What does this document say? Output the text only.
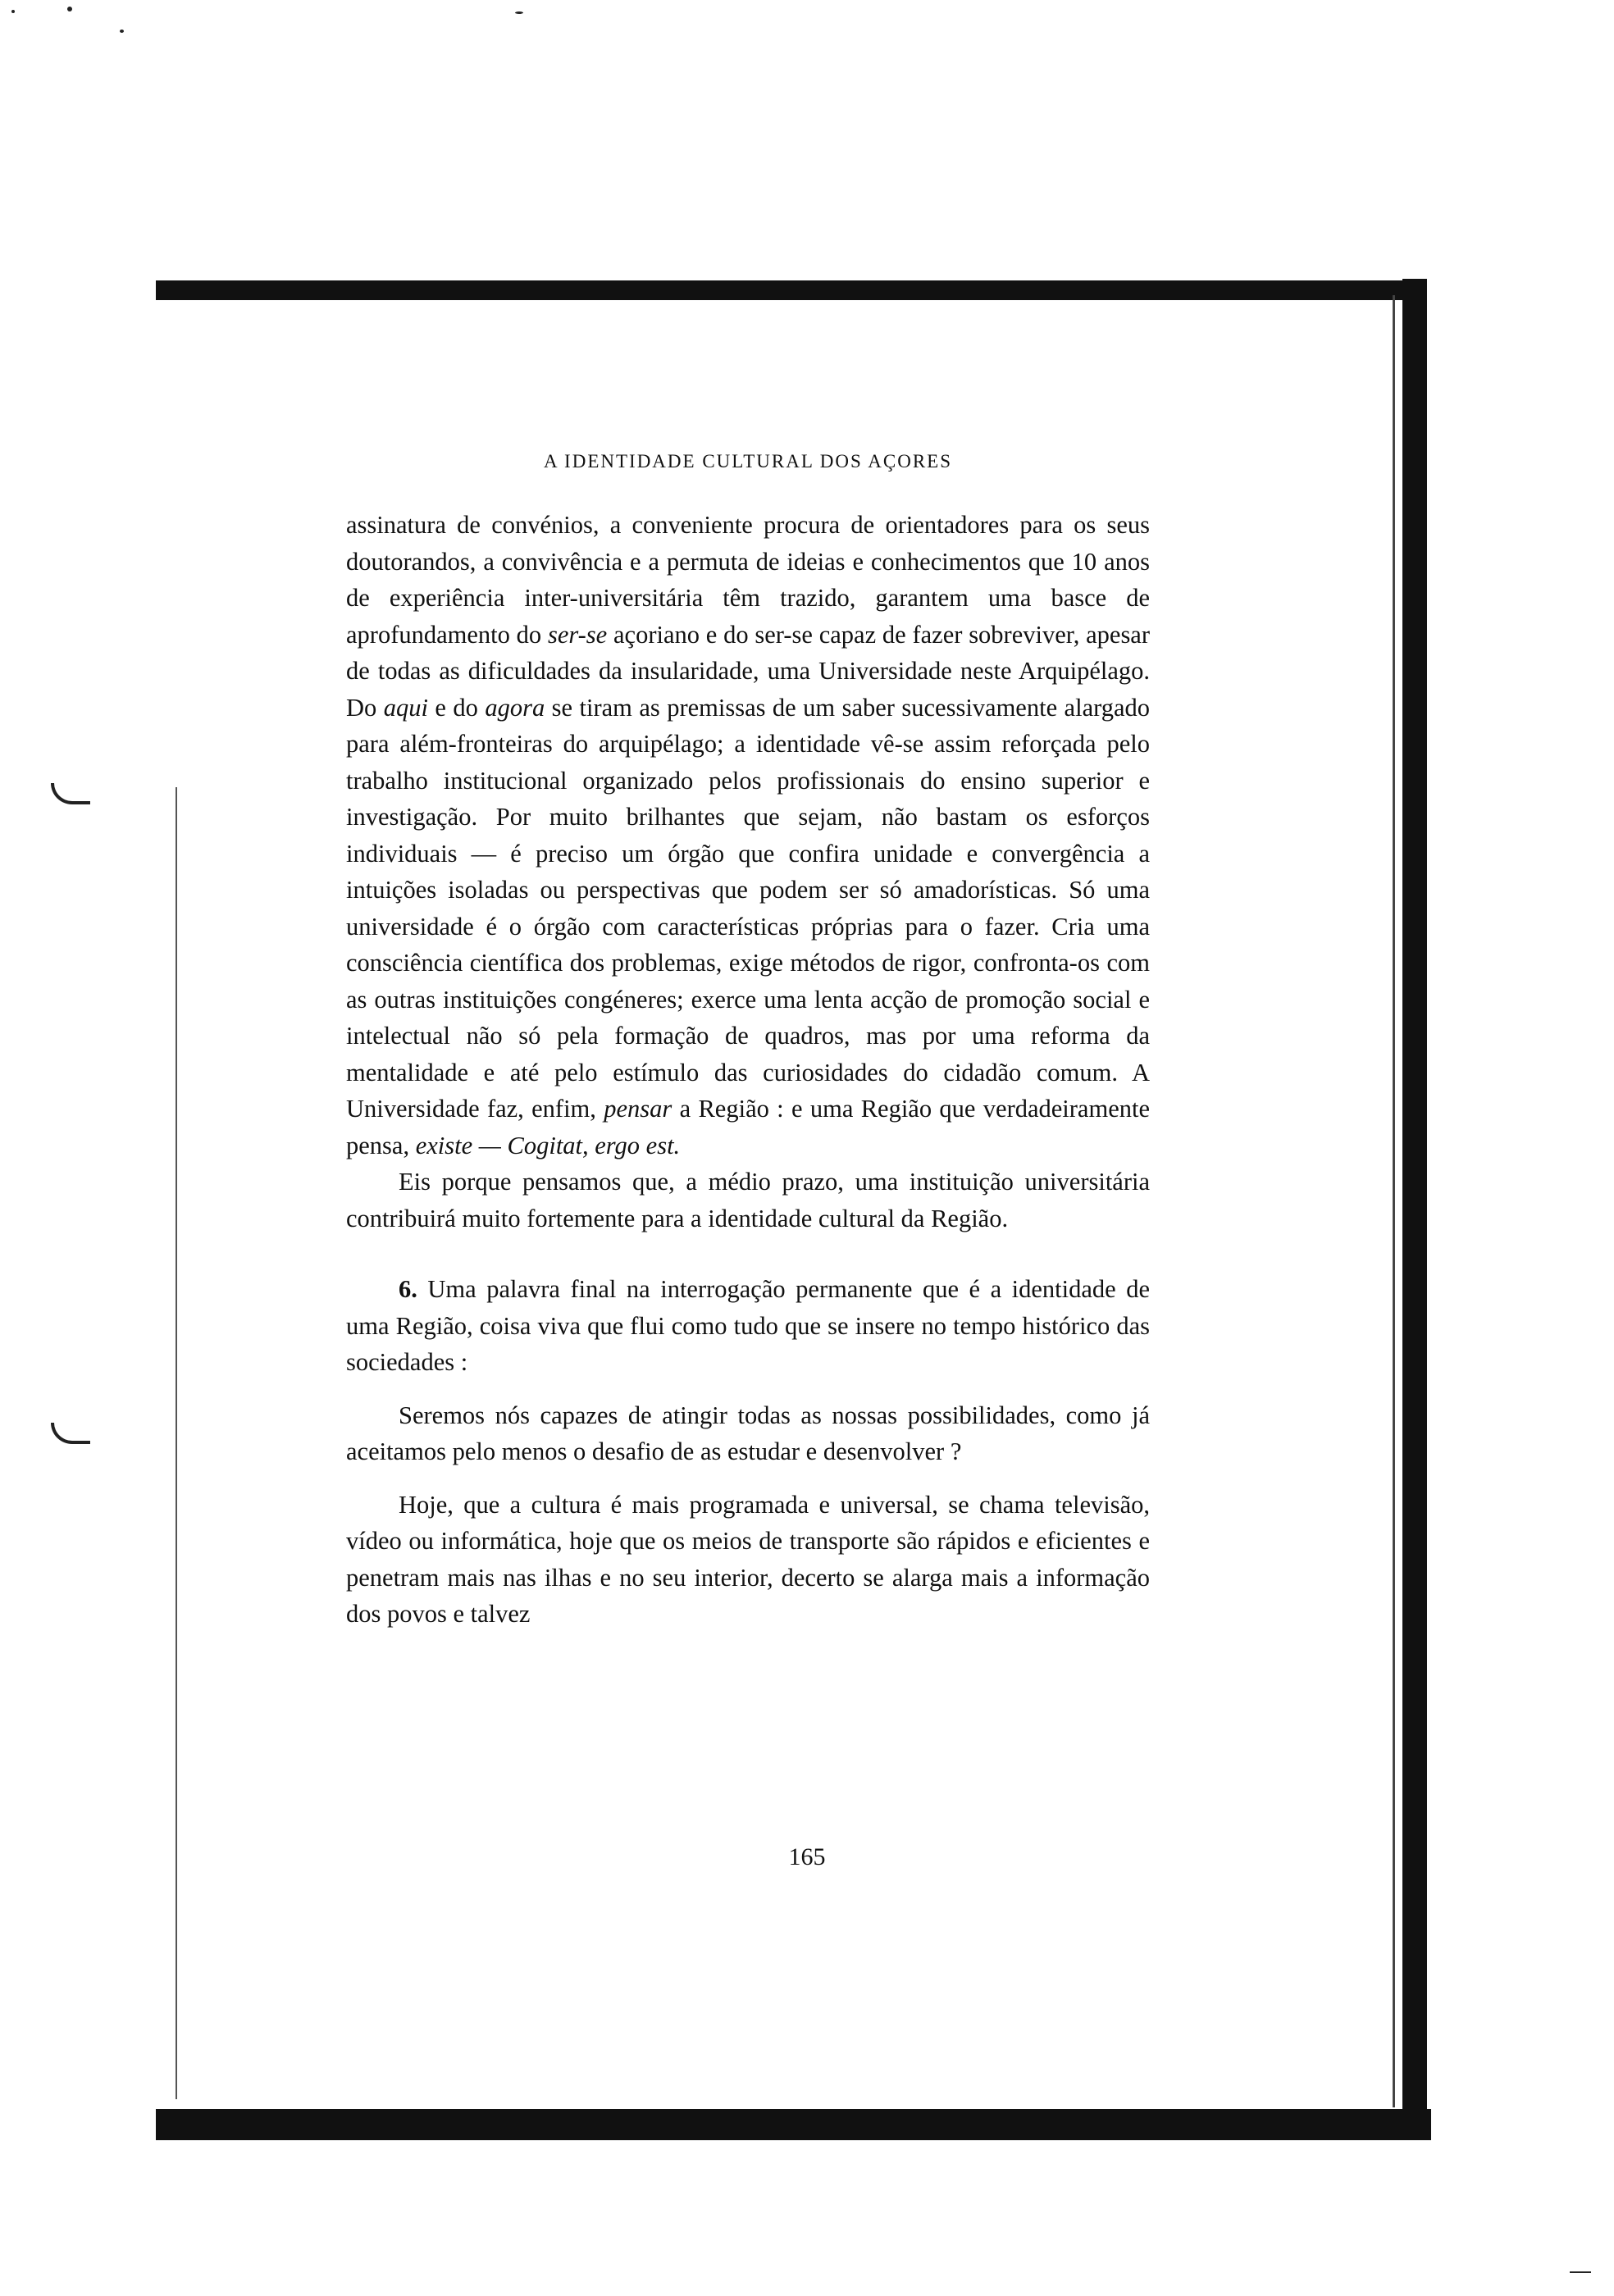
A IDENTIDADE CULTURAL DOS AÇORES

assinatura de convénios, a conveniente procura de orientadores para os seus doutorandos, a convivência e a permuta de ideias e conhecimentos que 10 anos de experiência inter-universitária têm trazido, garantem uma basce de aprofundamento do ser-se açoriano e do ser-se capaz de fazer sobreviver, apesar de todas as dificuldades da insularidade, uma Universidade neste Arquipélago. Do aqui e do agora se tiram as premissas de um saber sucessivamente alargado para além-fronteiras do arquipélago; a identidade vê-se assim reforçada pelo trabalho institucional organizado pelos profissionais do ensino superior e investigação. Por muito brilhantes que sejam, não bastam os esforços individuais — é preciso um órgão que confira unidade e convergência a intuições isoladas ou perspectivas que podem ser só amadorísticas. Só uma universidade é o órgão com características próprias para o fazer. Cria uma consciência científica dos problemas, exige métodos de rigor, confronta-os com as outras instituições congéneres; exerce uma lenta acção de promoção social e intelectual não só pela formação de quadros, mas por uma reforma da mentalidade e até pelo estímulo das curiosidades do cidadão comum. A Universidade faz, enfim, pensar a Região : e uma Região que verdadeiramente pensa, existe — Cogitat, ergo est.

Eis porque pensamos que, a médio prazo, uma instituição universitária contribuirá muito fortemente para a identidade cultural da Região.

6. Uma palavra final na interrogação permanente que é a identidade de uma Região, coisa viva que flui como tudo que se insere no tempo histórico das sociedades :

Seremos nós capazes de atingir todas as nossas possibilidades, como já aceitamos pelo menos o desafio de as estudar e desenvolver ?

Hoje, que a cultura é mais programada e universal, se chama televisão, vídeo ou informática, hoje que os meios de transporte são rápidos e eficientes e penetram mais nas ilhas e no seu interior, decerto se alarga mais a informação dos povos e talvez

165
